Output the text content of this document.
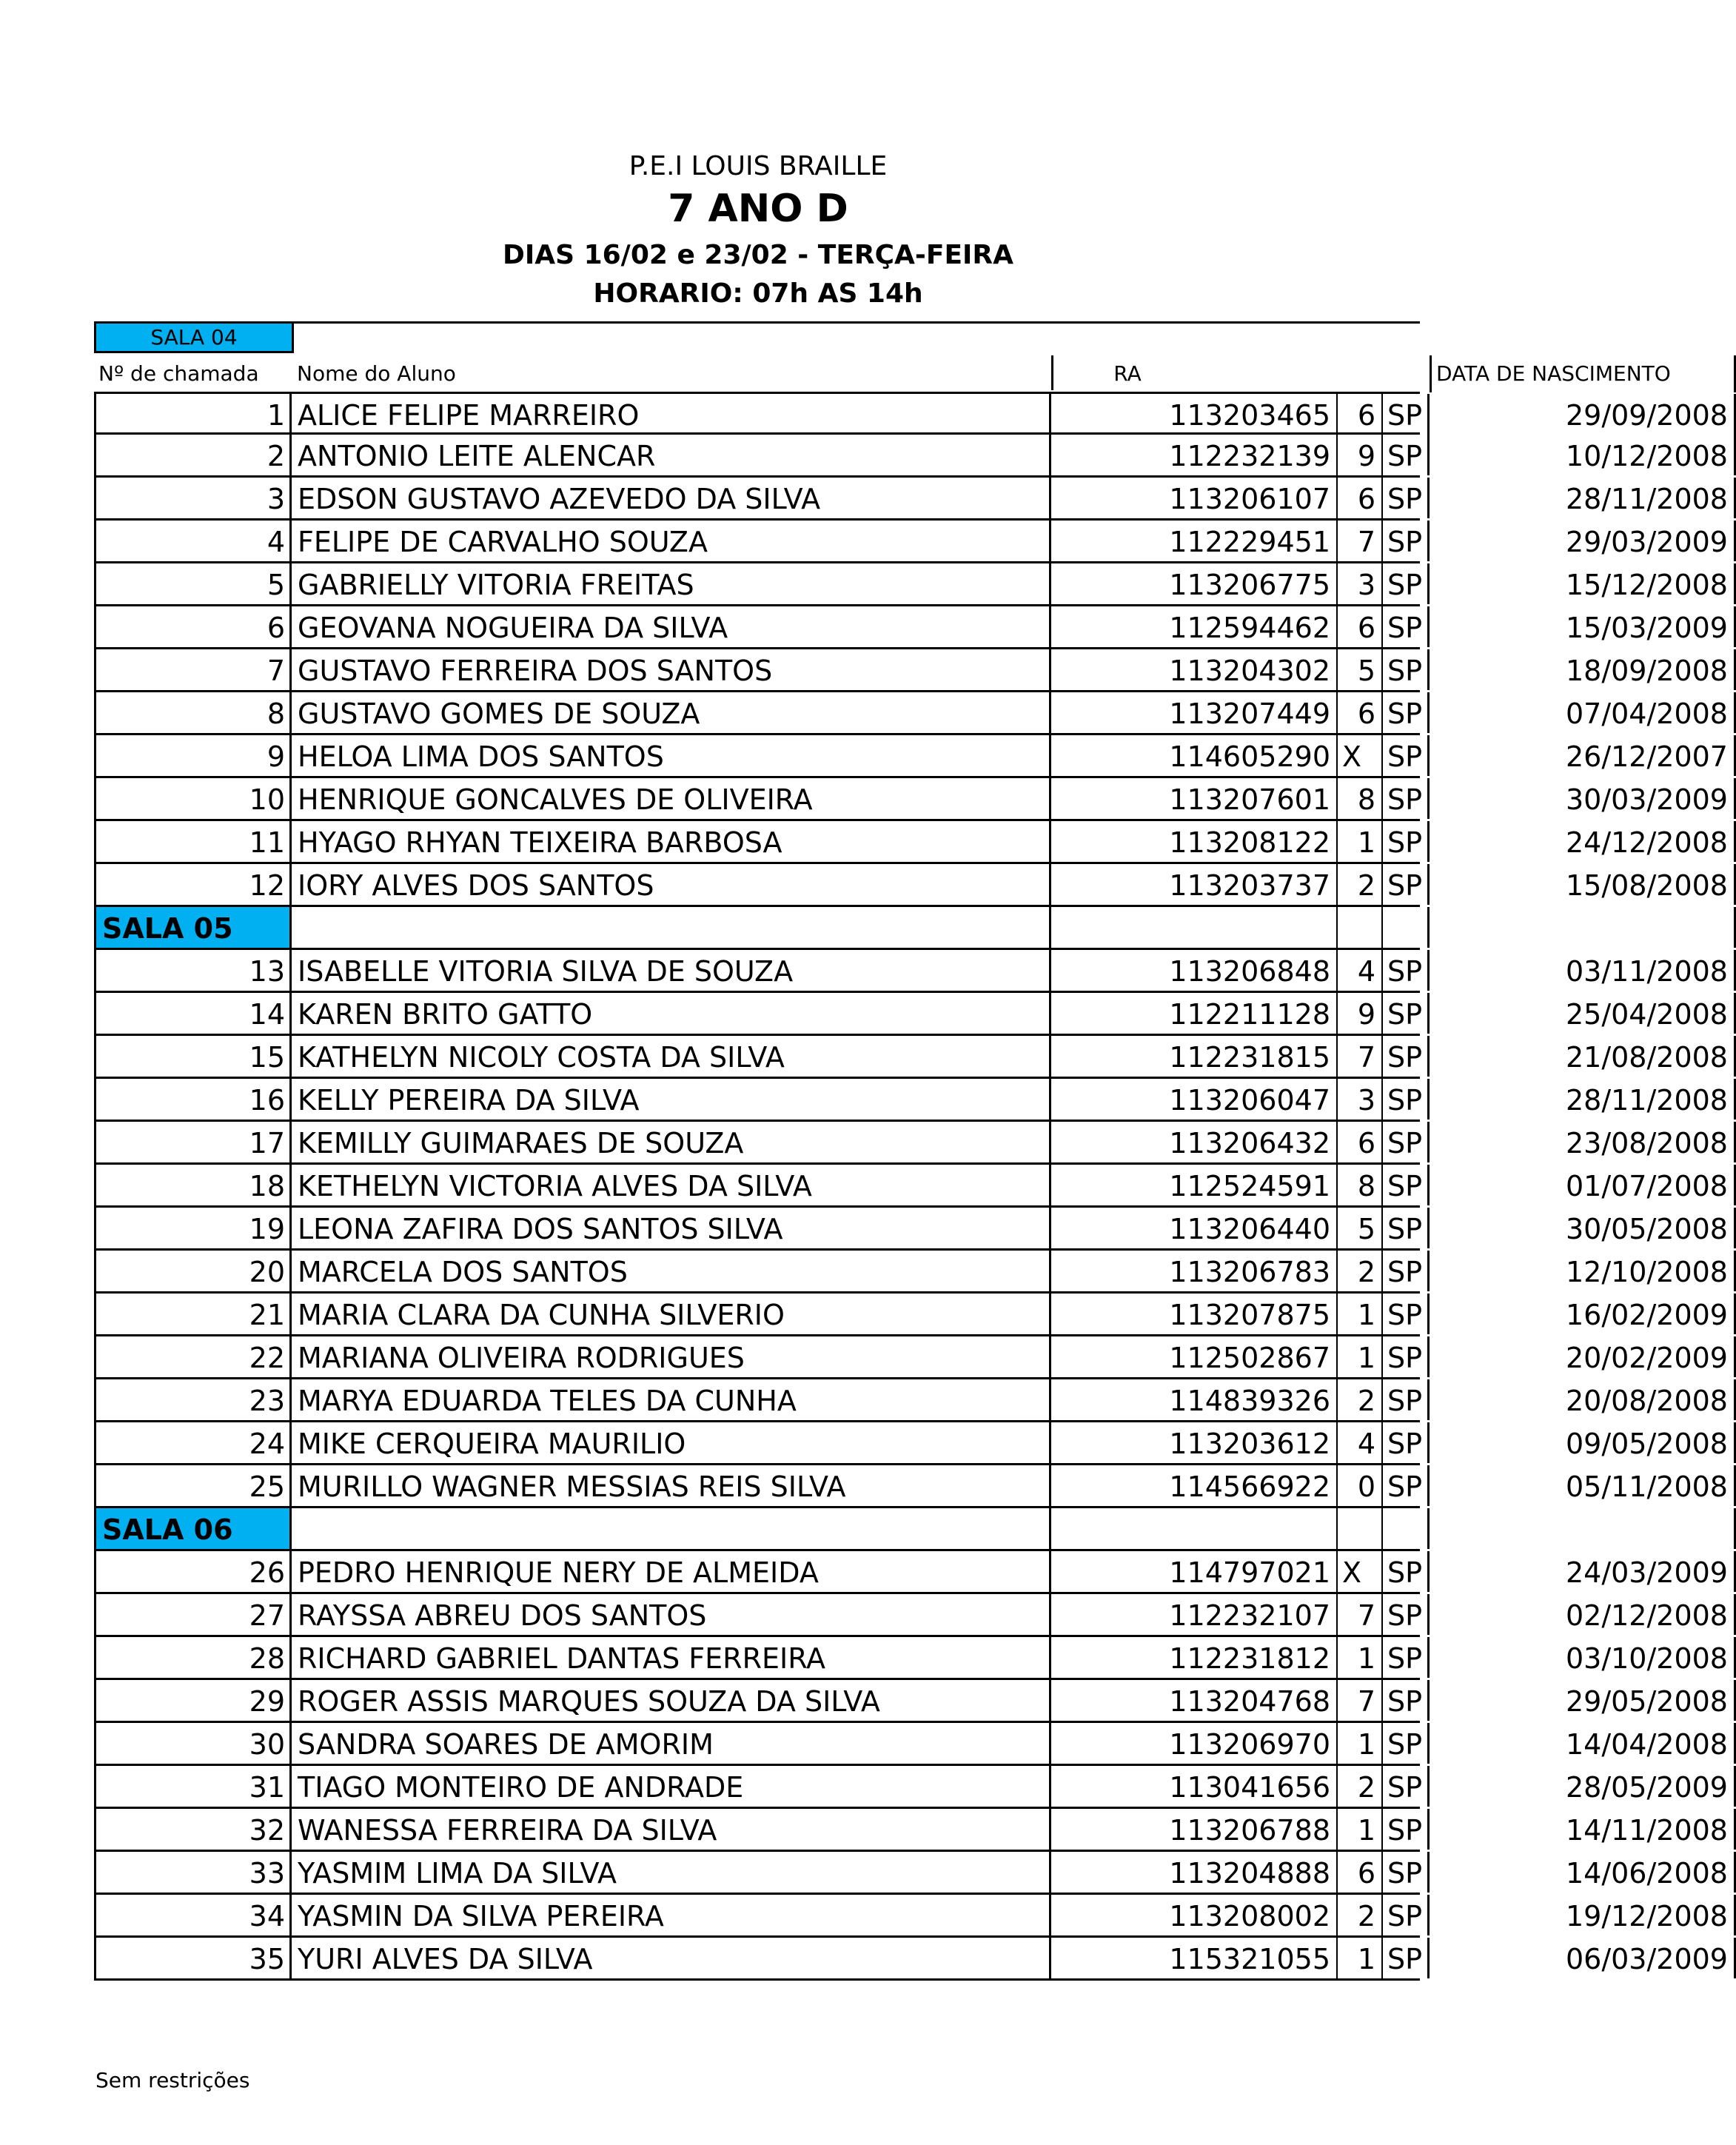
P.E.I LOUIS BRAILLE
7 ANO D
DIAS 16/02 e 23/02 - TERÇA-FEIRA
HORARIO: 07h AS 14h
SALA 04
Nº de chamada	Nome do Aluno	RA	DATA DE NASCIMENTO
1 ALICE FELIPE MARREIRO	113203465 6 SP	29/09/2008
2 ANTONIO LEITE ALENCAR	112232139 9 SP	10/12/2008
3 EDSON GUSTAVO AZEVEDO DA SILVA	113206107 6 SP	28/11/2008
4 FELIPE DE CARVALHO SOUZA	112229451 7 SP	29/03/2009
5 GABRIELLY VITORIA FREITAS	113206775 3 SP	15/12/2008
6 GEOVANA NOGUEIRA DA SILVA	112594462 6 SP	15/03/2009
7 GUSTAVO FERREIRA DOS SANTOS	113204302 5 SP	18/09/2008
8 GUSTAVO GOMES DE SOUZA	113207449 6 SP	07/04/2008
9 HELOA LIMA DOS SANTOS	114605290 X SP	26/12/2007
10 HENRIQUE GONCALVES DE OLIVEIRA	113207601 8 SP	30/03/2009
11 HYAGO RHYAN TEIXEIRA BARBOSA	113208122 1 SP	24/12/2008
12 IORY ALVES DOS SANTOS	113203737 2 SP	15/08/2008
SALA 05
13 ISABELLE VITORIA SILVA DE SOUZA	113206848 4 SP	03/11/2008
14 KAREN BRITO GATTO	112211128 9 SP	25/04/2008
15 KATHELYN NICOLY COSTA DA SILVA	112231815 7 SP	21/08/2008
16 KELLY PEREIRA DA SILVA	113206047 3 SP	28/11/2008
17 KEMILLY GUIMARAES DE SOUZA	113206432 6 SP	23/08/2008
18 KETHELYN VICTORIA ALVES DA SILVA	112524591 8 SP	01/07/2008
19 LEONA ZAFIRA DOS SANTOS SILVA	113206440 5 SP	30/05/2008
20 MARCELA DOS SANTOS	113206783 2 SP	12/10/2008
21 MARIA CLARA DA CUNHA SILVERIO	113207875 1 SP	16/02/2009
22 MARIANA OLIVEIRA RODRIGUES	112502867 1 SP	20/02/2009
23 MARYA EDUARDA TELES DA CUNHA	114839326 2 SP	20/08/2008
24 MIKE CERQUEIRA MAURILIO	113203612 4 SP	09/05/2008
25 MURILLO WAGNER MESSIAS REIS SILVA	114566922 0 SP	05/11/2008
SALA 06
26 PEDRO HENRIQUE NERY DE ALMEIDA	114797021 X SP	24/03/2009
27 RAYSSA ABREU DOS SANTOS	112232107 7 SP	02/12/2008
28 RICHARD GABRIEL DANTAS FERREIRA	112231812 1 SP	03/10/2008
29 ROGER ASSIS MARQUES SOUZA DA SILVA	113204768 7 SP	29/05/2008
30 SANDRA SOARES DE AMORIM	113206970 1 SP	14/04/2008
31 TIAGO MONTEIRO DE ANDRADE	113041656 2 SP	28/05/2009
32 WANESSA FERREIRA DA SILVA	113206788 1 SP	14/11/2008
33 YASMIM LIMA DA SILVA	113204888 6 SP	14/06/2008
34 YASMIN DA SILVA PEREIRA	113208002 2 SP	19/12/2008
35 YURI ALVES DA SILVA	115321055 1 SP	06/03/2009
Sem restrições
